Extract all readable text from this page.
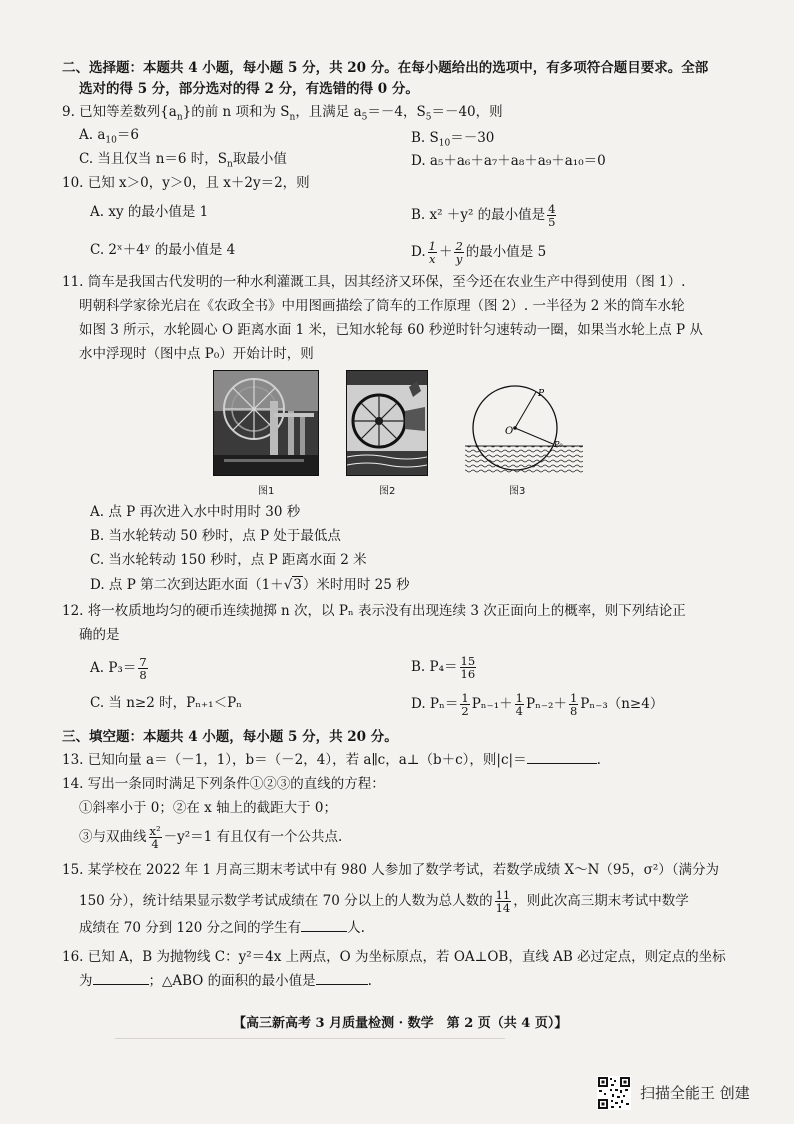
二、选择题：本题共 4 小题，每小题 5 分，共 20 分。在每小题给出的选项中，有多项符合题目要求。全部
选对的得 5 分，部分选对的得 2 分，有选错的得 0 分。
9. 已知等差数列$\{a_n\}$的前 n 项和为 $S_n$，且满足 $a_5=-4$，$S_5=-40$，则
A. $a_{10}=6$	B. $S_{10}=-30$
C. 当且仅当 n＝6 时，$S_n$取最小值	D. a₅＋a₆＋a₇＋a₈＋a₉＋a₁₀＝0
10. 已知 x＞0，y＞0，且 x＋2y＝2，则
A. xy 的最小值是 1	B. x² ＋y² 的最小值是 $\frac{4}{5}$
C. 2ˣ＋4ʸ 的最小值是 4	D. $\frac{1}{x} + \frac{2}{y}$ 的最小值是 5
11. 筒车是我国古代发明的一种水利灌溉工具，因其经济又环保，至今还在农业生产中得到使用（图 1）.
明朝科学家徐光启在《农政全书》中用图画描绘了筒车的工作原理（图 2）. 一半径为 2 米的筒车水轮
如图 3 所示，水轮圆心 O 距离水面 1 米，已知水轮每 60 秒逆时针匀速转动一圈，如果当水轮上点 P 从
水中浮现时（图中点 P₀）开始计时，则
图1	图2
O
P
P₀
图3
A. 点 P 再次进入水中时用时 30 秒
B. 当水轮转动 50 秒时，点 P 处于最低点
C. 当水轮转动 150 秒时，点 P 距离水面 2 米
D. 点 P 第二次到达距水面（1＋√3）米时用时 25 秒
12. 将一枚质地均匀的硬币连续抛掷 n 次，以 Pₙ 表示没有出现连续 3 次正面向上的概率，则下列结论正
确的是
A. $P_3= \frac{7}{8}$	B. $P_4= \frac{15}{16}$
C. 当 n≥2 时，Pₙ₊₁＜Pₙ	D. $P_n= \frac{1}{2} P_{n-1}+ \frac{1}{4} P_{n-2}+ \frac{1}{8} P_{n-3}(n\ge 4)$
三、填空题：本题共 4 小题，每小题 5 分，共 20 分。
13. 已知向量 a＝（－1，1），b＝（－2，4），若 a∥c，a⊥（b＋c），则|c|＝	.
14. 写出一条同时满足下列条件①②③的直线的方程：
①斜率小于 0；②在 x 轴上的截距大于 0；
③与双曲线 $\frac{\text{x²}}{4} -y^2=1$ 有且仅有一个公共点.
15. 某学校在 2022 年 1 月高三期末考试中有 980 人参加了数学考试，若数学成绩 X～N（95，σ²）（满分为
150 分），统计结果显示数学考试成绩在 70 分以上的人数为总人数的 $\frac{11}{14}$ ，则此次高三期末考试中数学
成绩在 70 分到 120 分之间的学生有	人.
16. 已知 A，B 为抛物线 C：y²＝4x 上两点，O 为坐标原点，若 OA⊥OB，直线 AB 必过定点，则定点的坐标
为	；△ABO 的面积的最小值是	.
【高三新高考 3 月质量检测 · 数学　第 2 页（共 4 页）】
扫描全能王 创建
